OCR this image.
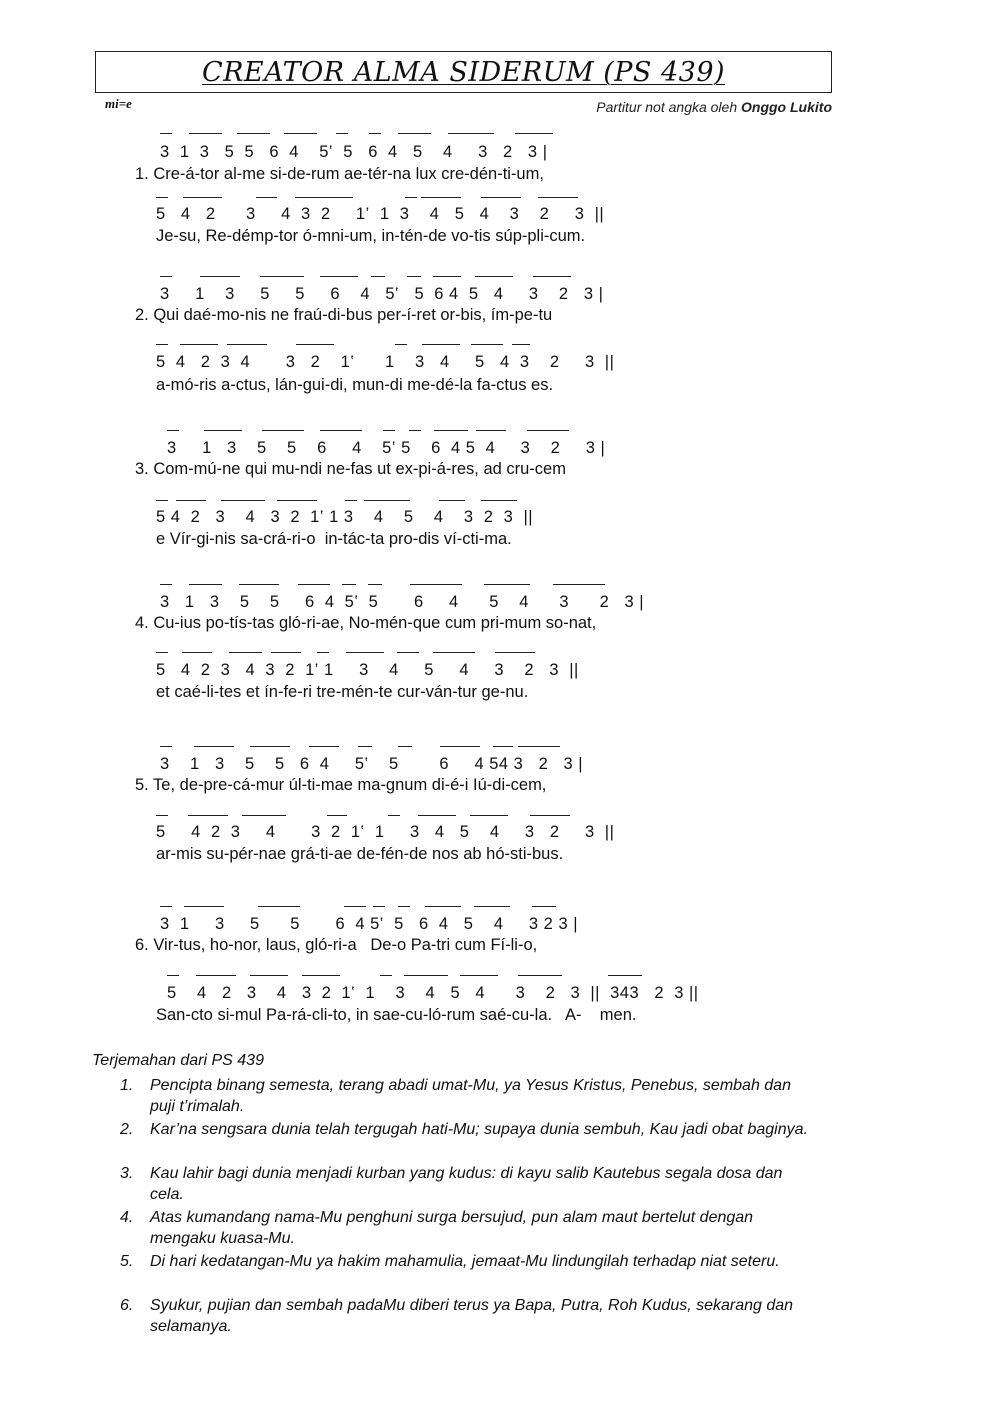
CREATOR ALMA SIDERUM (PS 439)
mi=e	Partitur not angka oleh Onggo Lukito
3  1  3   5  5   6  4    5‛  5   6  4   5    4     3   2   3 |
1. Cre-á-tor al-me si-de-rum ae-tér-na lux cre-dén-ti-um,
5   4   2      3     4  3  2     1‛  1  3    4   5   4    3    2     3  ||
Je-su, Re-démp-tor ó-mni-um, in-tén-de vo-tis súp-pli-cum.
3     1    3     5     5     6    4   5‛   5  6 4  5   4     3    2   3 |
2. Qui daé-mo-nis ne fraú-di-bus per-í-ret or-bis, ím-pe-tu
5  4   2  3  4       3   2    1‛      1    3   4     5   4  3    2     3  ||
a-mó-ris a-ctus, lán-gui-di, mun-di me-dé-la fa-ctus es.
3     1   3    5    5    6     4    5‛ 5    6  4 5  4     3    2     3 |
3. Com-mú-ne qui mu-ndi ne-fas ut ex-pi-á-res, ad cru-cem
5 4  2   3    4   3  2  1‛ 1 3    4    5    4    3  2  3  ||
e Vír-gi-nis sa-crá-ri-o  in-tác-ta pro-dis ví-cti-ma.
3   1   3    5    5     6  4  5‛  5       6     4      5    4      3      2   3 |
4. Cu-ius po-tís-tas gló-ri-ae, No-mén-que cum pri-mum so-nat,
5   4  2  3   4  3  2  1‛ 1     3    4     5     4     3    2   3  ||
et caé-li-tes et ín-fe-ri tre-mén-te cur-ván-tur ge-nu.
3    1   3    5    5   6  4     5‛    5        6     4 54 3   2   3 |
5. Te, de-pre-cá-mur úl-ti-mae ma-gnum di-é-i Iú-di-cem,
5     4  2  3     4       3  2  1‛  1     3   4   5    4     3   2     3  ||
ar-mis su-pér-nae grá-ti-ae de-fén-de nos ab hó-sti-bus.
3  1     3     5      5       6  4 5‛  5   6  4   5    4     3 2 3 |
6. Vir-tus, ho-nor, laus, gló-ri-a   De-o Pa-tri cum Fí-li-o,
5    4   2   3    4   3  2  1‛  1    3    4   5   4      3    2   3  ||  343   2  3 ||
San-cto si-mul Pa-rá-cli-to, in sae-cu-ló-rum saé-cu-la.   A-    men.
Terjemahan dari PS 439
1. Pencipta binang semesta, terang abadi umat-Mu, ya Yesus Kristus, Penebus, sembah dan puji t’rimalah.
2. Kar’na sengsara dunia telah tergugah hati-Mu; supaya dunia sembuh, Kau jadi obat baginya.
3. Kau lahir bagi dunia menjadi kurban yang kudus: di kayu salib Kautebus segala dosa dan cela.
4. Atas kumandang nama-Mu penghuni surga bersujud, pun alam maut bertelut dengan mengaku kuasa-Mu.
5. Di hari kedatangan-Mu ya hakim mahamulia, jemaat-Mu lindungilah terhadap niat seteru.
6. Syukur, pujian dan sembah padaMu diberi terus ya Bapa, Putra, Roh Kudus, sekarang dan selamanya.
